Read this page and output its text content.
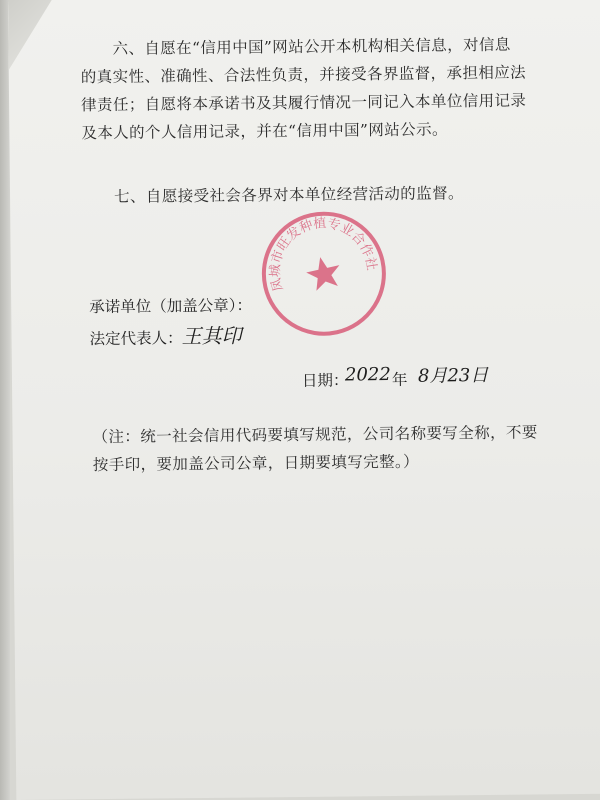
六、自愿在“信用中国”网站公开本机构相关信息，对信息
的真实性、准确性、合法性负责，并接受各界监督，承担相应法
律责任；自愿将本承诺书及其履行情况一同记入本单位信用记录
及本人的个人信用记录，并在“信用中国”网站公示。
七、自愿接受社会各界对本单位经营活动的监督。
凤城市旺发种植专业合作社
承诺单位（加盖公章）：
法定代表人：
王其印
日期：
2022 年 8月23日
（注：统一社会信用代码要填写规范，公司名称要写全称，不要
按手印，要加盖公司公章，日期要填写完整。）
